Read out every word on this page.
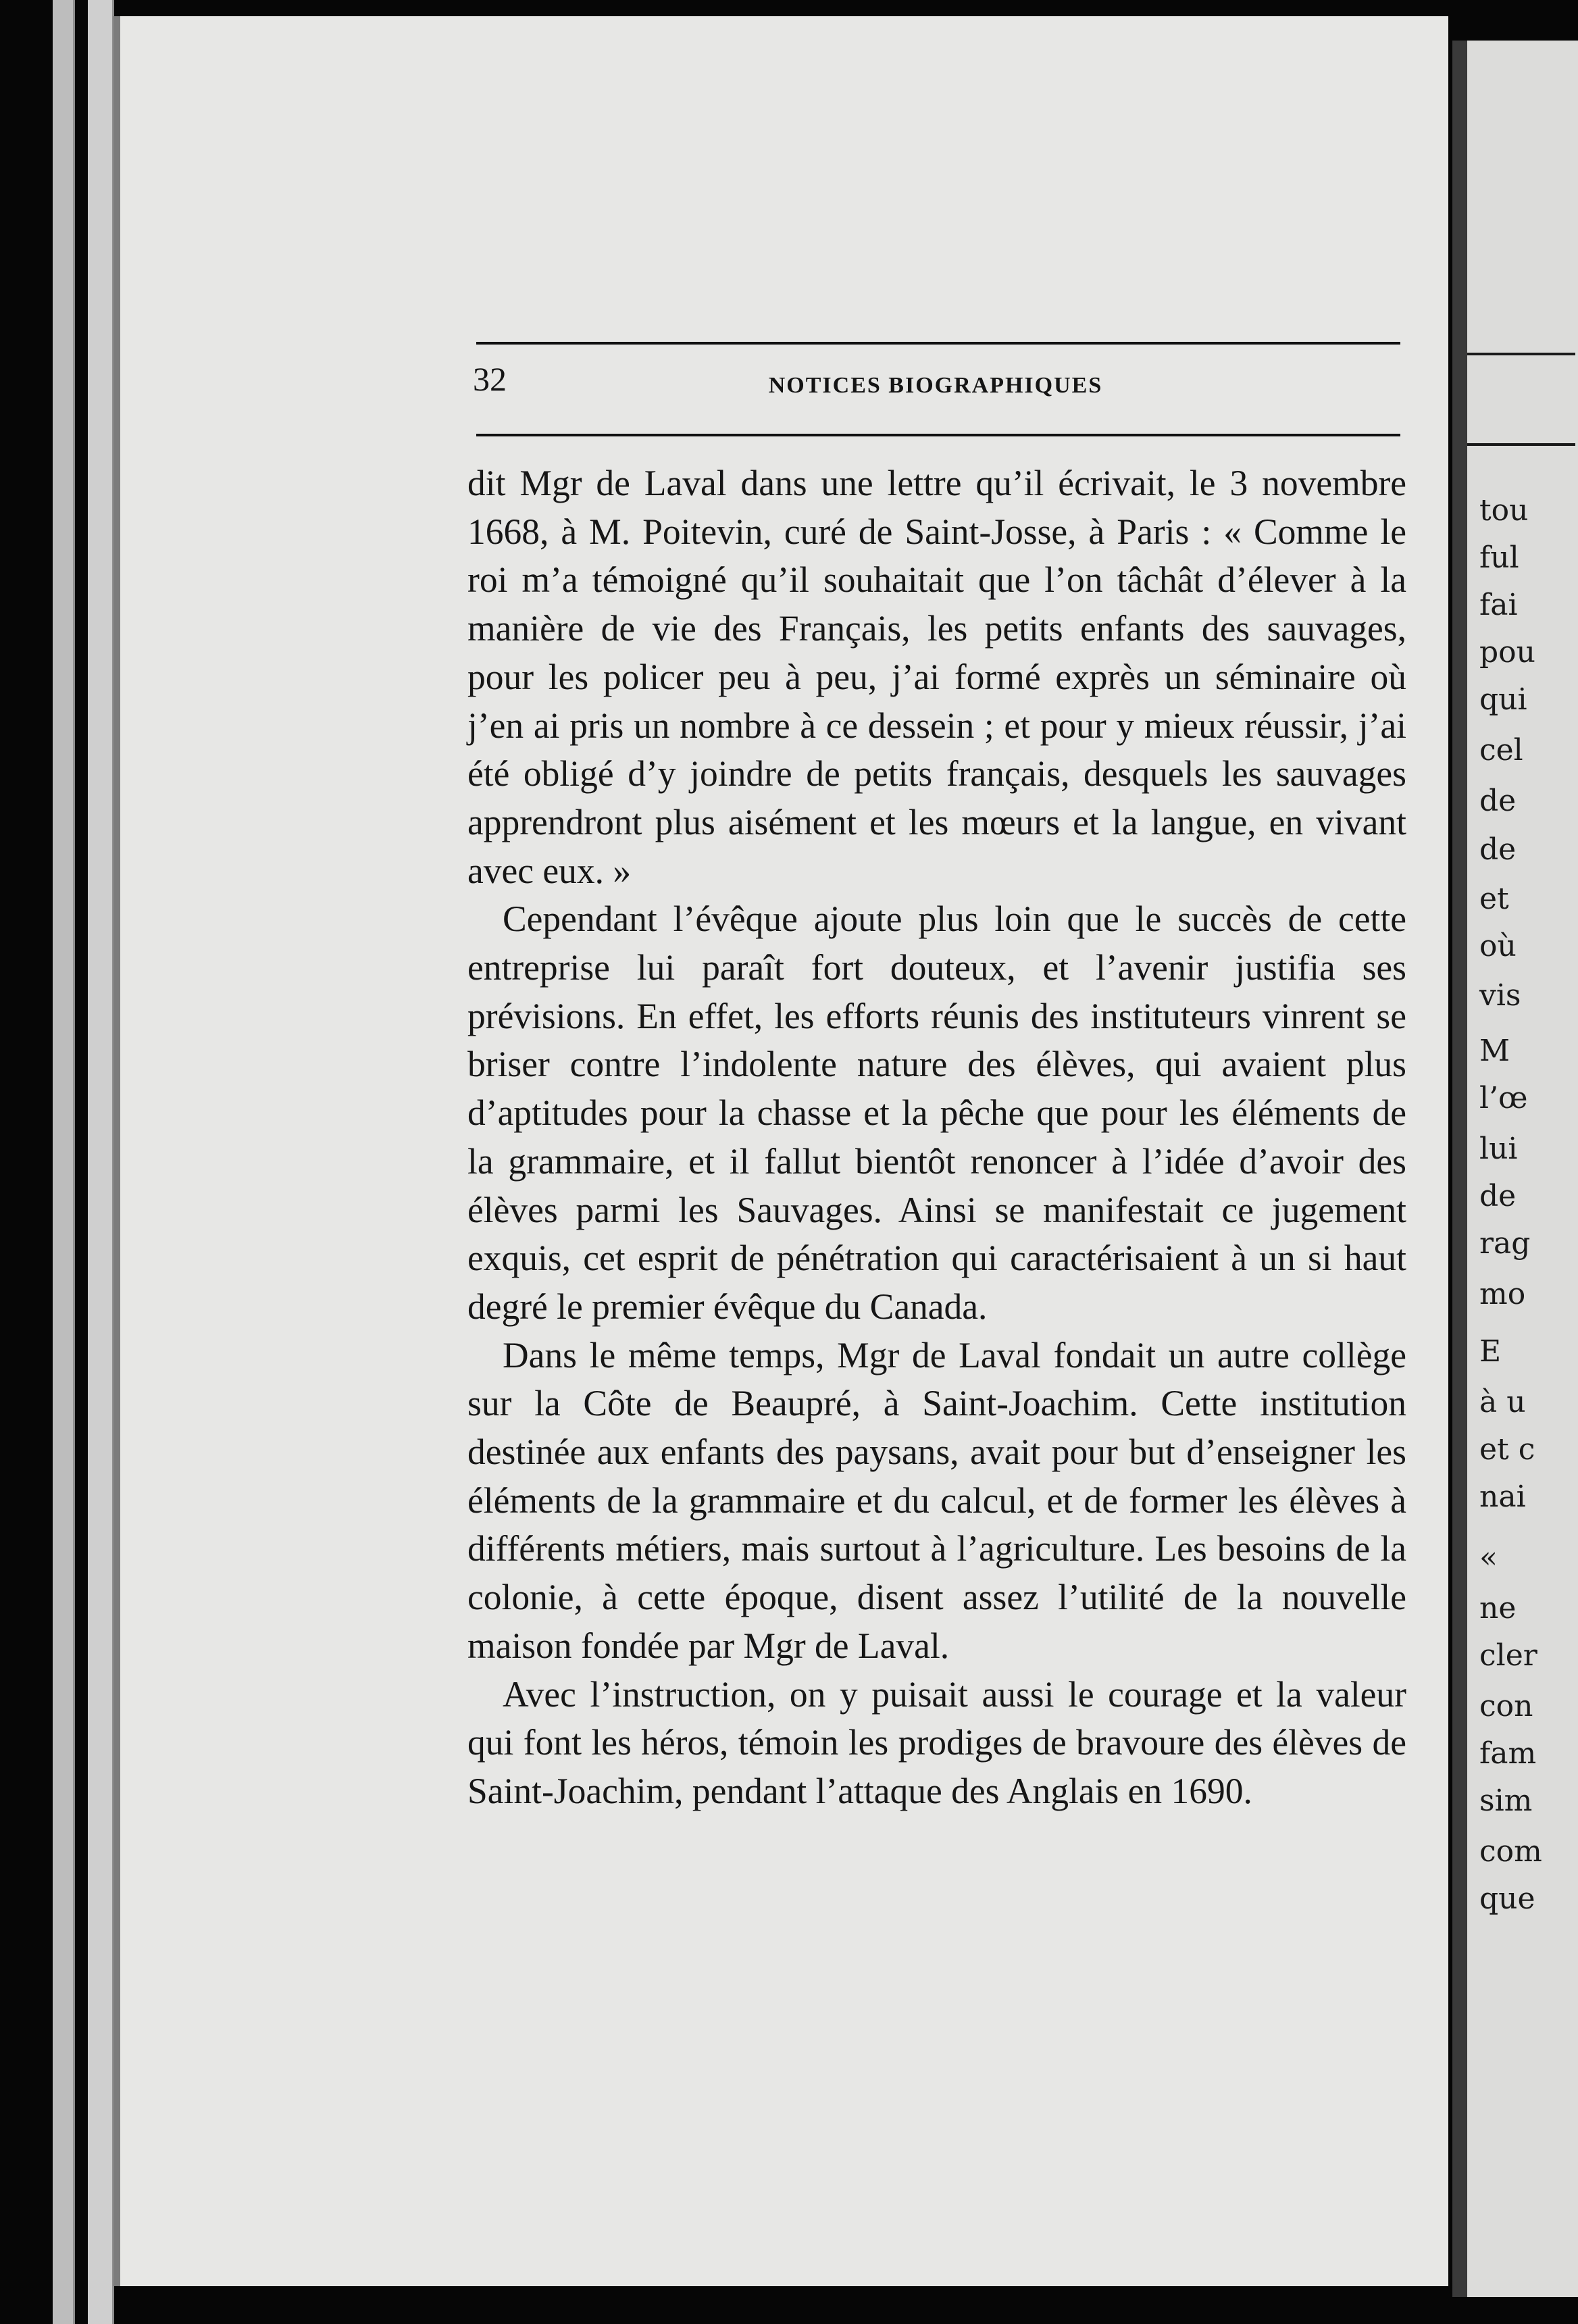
32	NOTICES BIOGRAPHIQUES

dit Mgr de Laval dans une lettre qu’il écrivait, le 3 novembre 1668, à M. Poitevin, curé de Saint-Josse, à Paris : « Comme le roi m’a témoigné qu’il souhaitait que l’on tâchât d’élever à la manière de vie des Français, les petits enfants des sauvages, pour les policer peu à peu, j’ai formé exprès un séminaire où j’en ai pris un nombre à ce dessein ; et pour y mieux réussir, j’ai été obligé d’y joindre de petits français, desquels les sauvages apprendront plus aisément et les mœurs et la langue, en vivant avec eux. »

Cependant l’évêque ajoute plus loin que le succès de cette entreprise lui paraît fort douteux, et l’avenir justifia ses prévisions. En effet, les efforts réunis des instituteurs vinrent se briser contre l’indolente nature des élèves, qui avaient plus d’aptitudes pour la chasse et la pêche que pour les éléments de la grammaire, et il fallut bientôt renoncer à l’idée d’avoir des élèves parmi les Sauvages. Ainsi se manifestait ce jugement exquis, cet esprit de pénétration qui caractérisaient à un si haut degré le premier évêque du Canada.

Dans le même temps, Mgr de Laval fondait un autre collège sur la Côte de Beaupré, à Saint-Joachim. Cette institution destinée aux enfants des paysans, avait pour but d’enseigner les éléments de la grammaire et du calcul, et de former les élèves à différents métiers, mais surtout à l’agriculture. Les besoins de la colonie, à cette époque, disent assez l’utilité de la nouvelle maison fondée par Mgr de Laval.

Avec l’instruction, on y puisait aussi le courage et la valeur qui font les héros, témoin les prodiges de bravoure des élèves de Saint-Joachim, pendant l’attaque des Anglais en 1690.

tou
ful
fai
pou
qui
cel
de
de
et
où
vis
M
l’œ
lui
de
rag
mo
E
à u
et c
nai
«
ne
cler
con
fam
sim
com
que
